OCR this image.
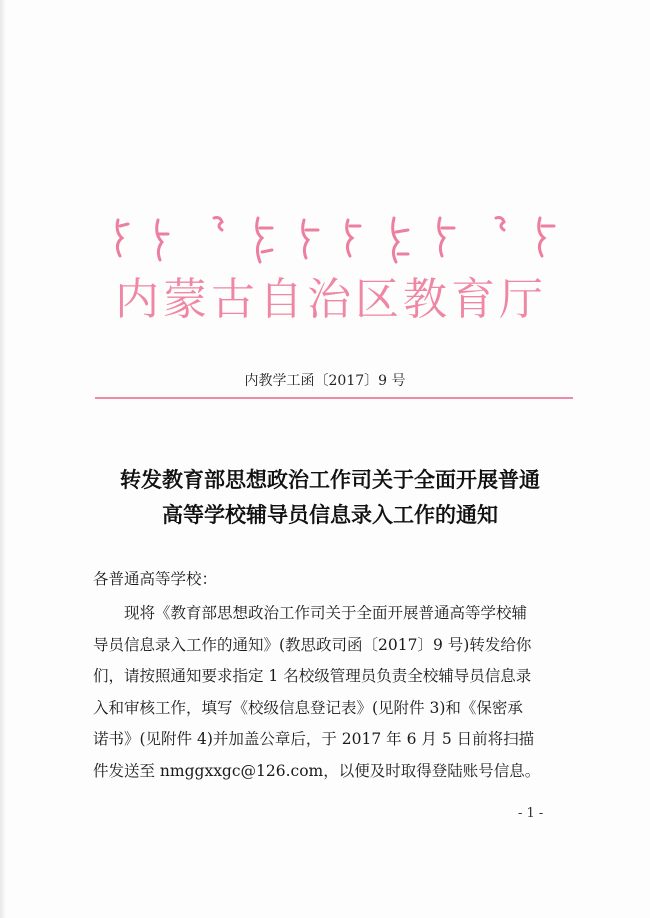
内蒙古自治区教育厅
内教学工函〔2017〕9 号
转发教育部思想政治工作司关于全面开展普通
高等学校辅导员信息录入工作的通知
各普通高等学校：
现将《教育部思想政治工作司关于全面开展普通高等学校辅
导员信息录入工作的通知》(教思政司函〔2017〕9 号)转发给你
们，请按照通知要求指定 1 名校级管理员负责全校辅导员信息录
入和审核工作，填写《校级信息登记表》(见附件 3)和《保密承
诺书》(见附件 4)并加盖公章后，于 2017 年 6 月 5 日前将扫描
件发送至 nmggxxgc@126.com，以便及时取得登陆账号信息。
- 1 -
